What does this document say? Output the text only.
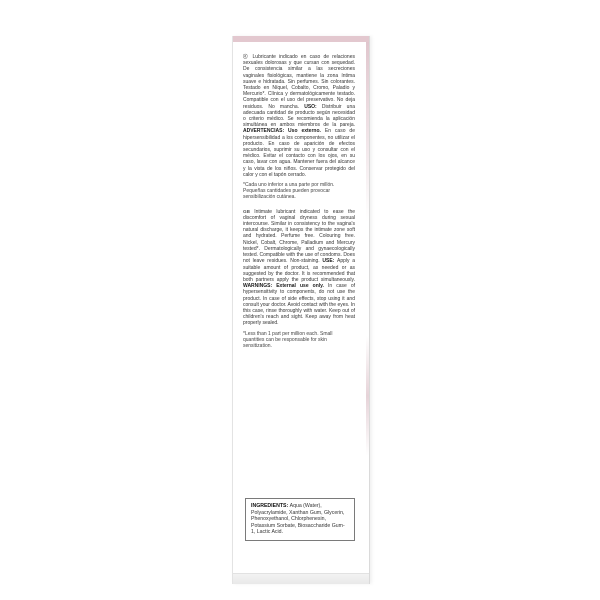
ⓔ Lubricante indicado en caso de relaciones sexuales dolorosas y que cursan con sequedad. De consistencia similar a las secreciones vaginales fisiológicas, mantiene la zona íntima suave e hidratada. Sin perfumes. Sin colorantes. Testado en Níquel, Cobalto, Cromo, Paladio y Mercurio*. Clínica y dermatológicamente testado. Compatible con el uso del preservativo. No deja residuos. No mancha. USO: Distribuir una adecuada cantidad de producto según necesidad o criterio médico. Se recomienda la aplicación simultánea en ambos miembros de la pareja. ADVERTENCIAS: Uso externo. En caso de hipersensibilidad a los componentes, no utilizar el producto. En caso de aparición de efectos secundarios, suprimir su uso y consultar con el médico. Evitar el contacto con los ojos, en su caso, lavar con agua. Mantener fuera del alcance y la vista de los niños. Conservar protegido del calor y con el tapón cerrado.

*Cada uno inferior a una parte por millón. Pequeñas cantidades pueden provocar sensibilización cutánea.

GB Intimate lubricant indicated to ease the discomfort of vaginal dryness during sexual intercourse. Similar in consistency to the vagina's natural discharge, it keeps the intimate zone soft and hydrated. Perfume free. Colouring free. Nickel, Cobalt, Chrome, Palladium and Mercury tested*. Dermatologically and gynaecologically tested. Compatible with the use of condoms. Does not leave residues. Non-staining. USE: Apply a suitable amount of product, as needed or as suggested by the doctor. It is recommended that both partners apply the product simultaneously. WARNINGS: External use only. In case of hypersensitivity to components, do not use the product. In case of side effects, stop using it and consult your doctor. Avoid contact with the eyes. In this case, rinse thoroughly with water. Keep out of children's reach and sight. Keep away from heat properly sealed.

*Less than 1 part per million each. Small quantities can be responsable for skin sensitization.

INGREDIENTS: Aqua (Water), Polyacrylamide, Xanthan Gum, Glycerin, Phenoxyethanol, Chlorphenesin, Potassium Sorbate, Biosaccharide Gum-1, Lactic Acid.
